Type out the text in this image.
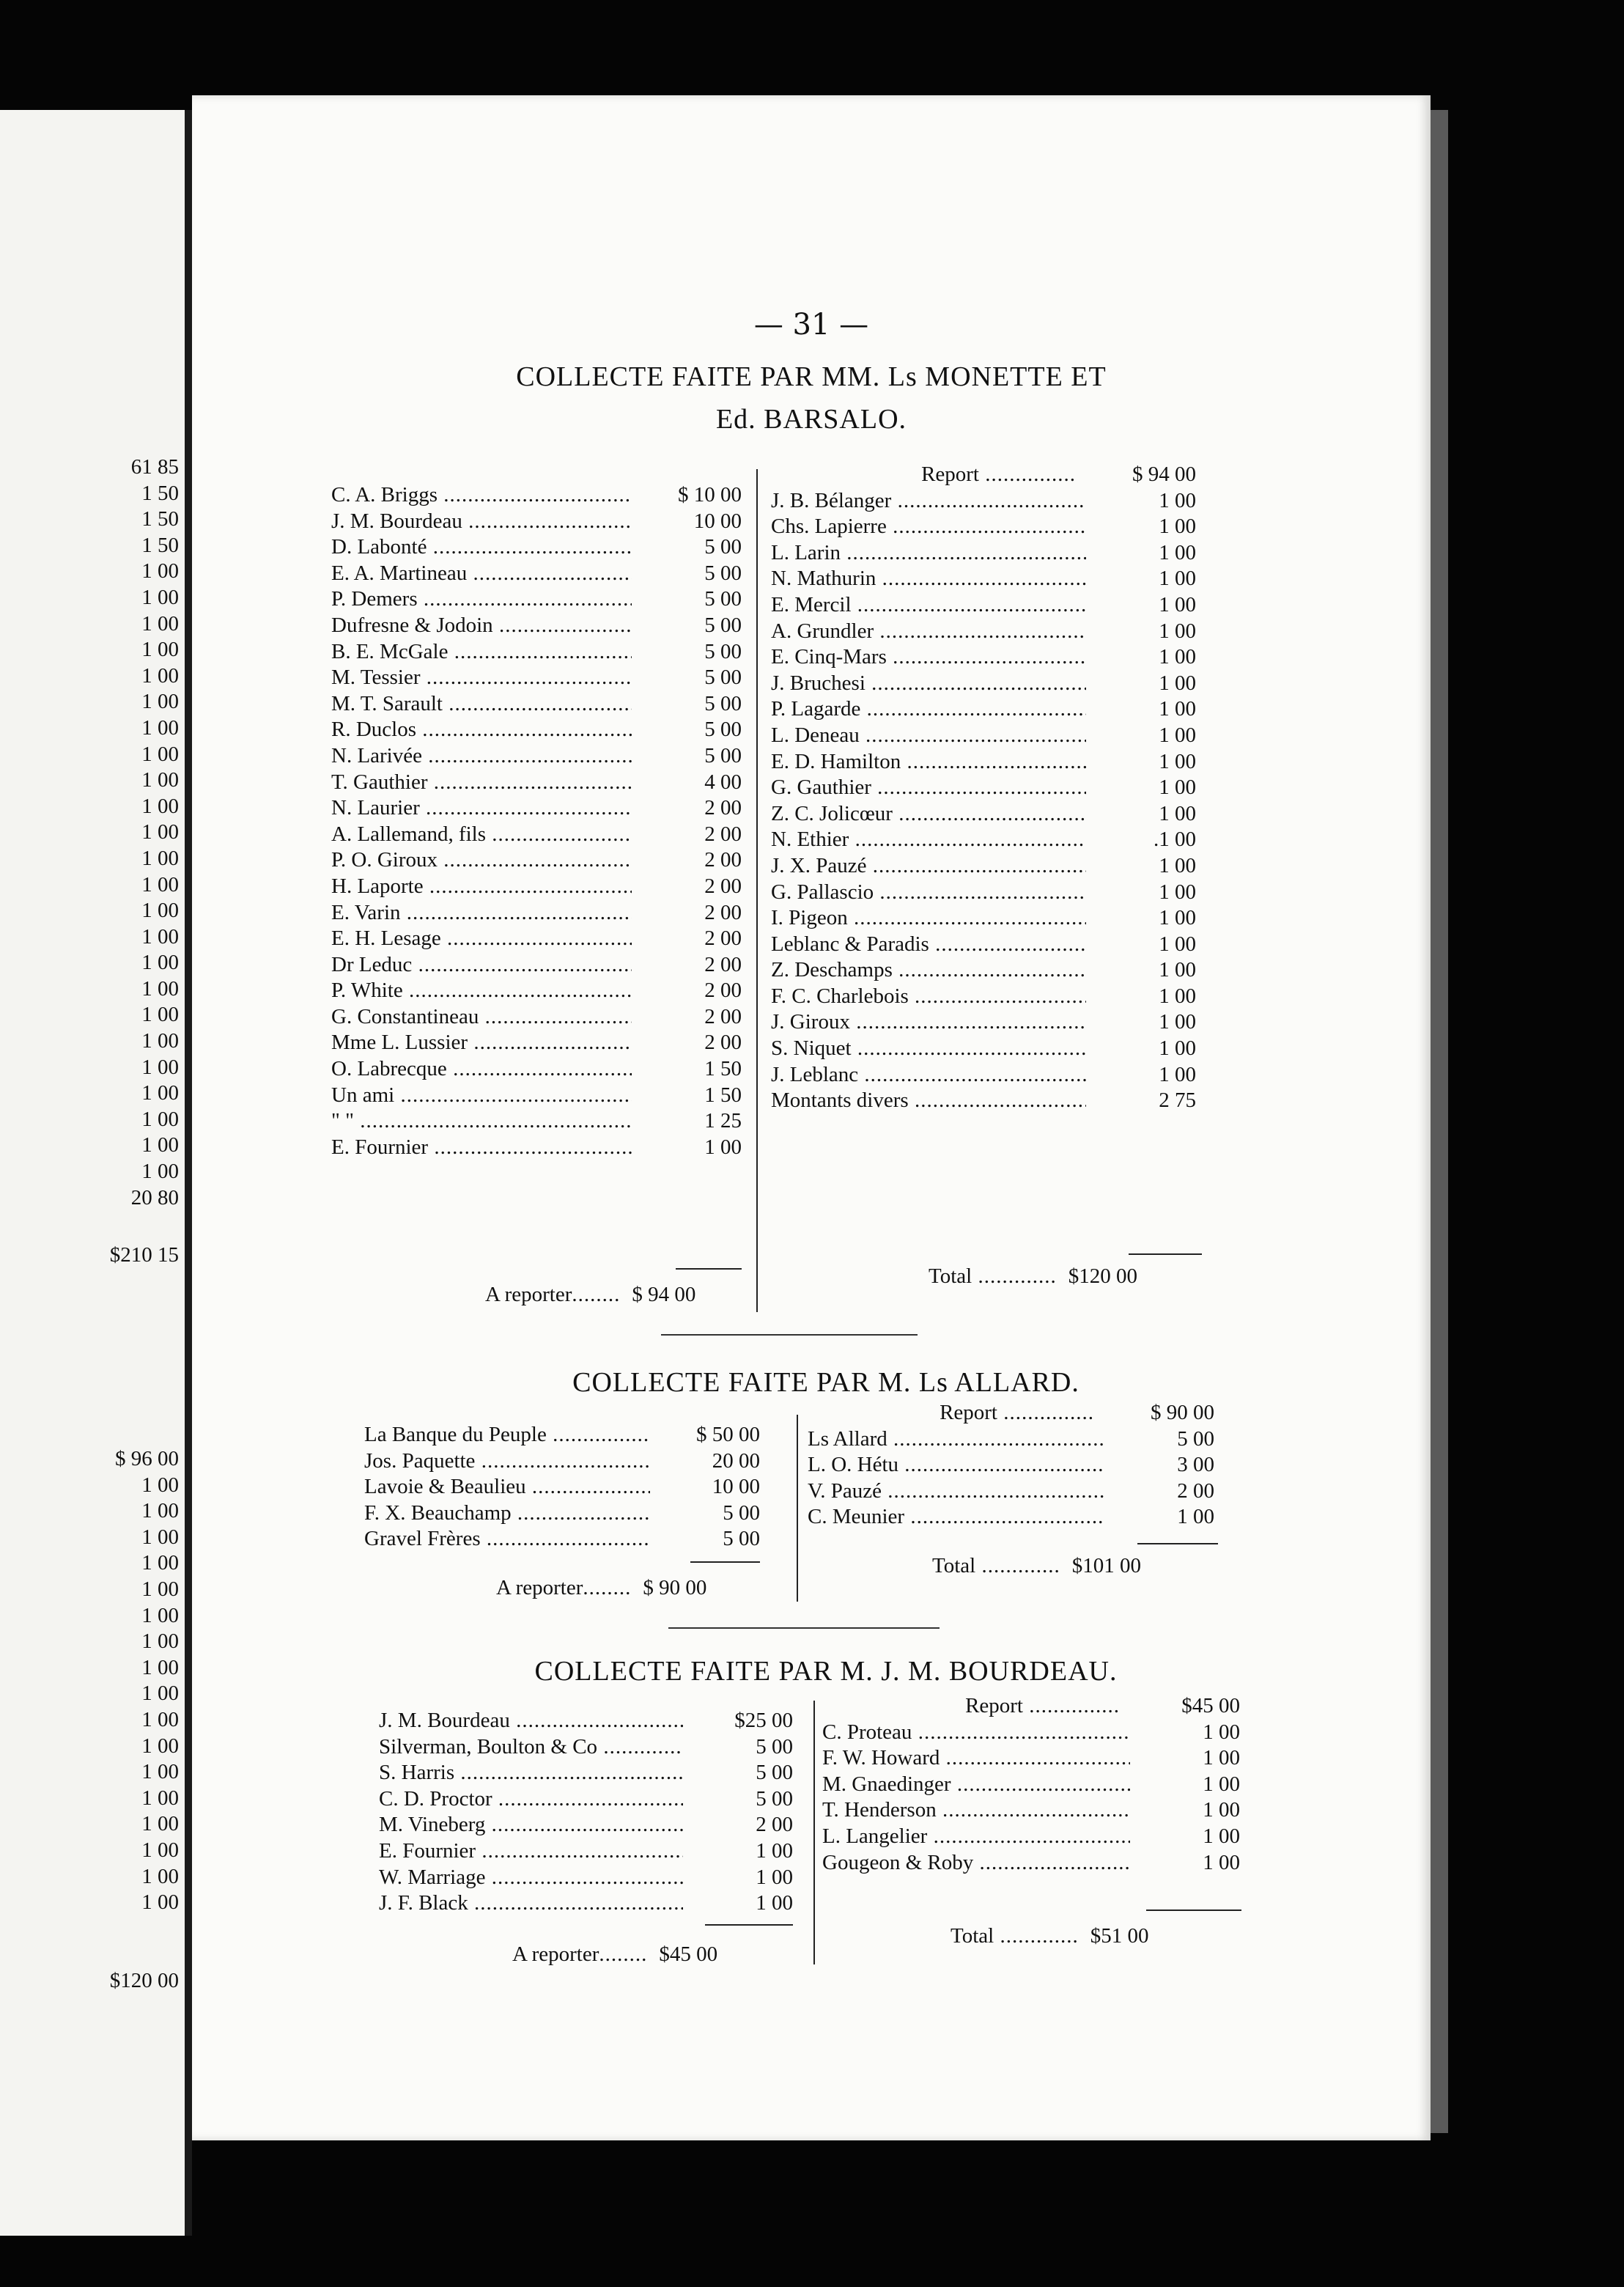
61 85
1 50
1 50
1 50
1 00
1 00
1 00
1 00
1 00
1 00
1 00
1 00
1 00
1 00
1 00
1 00
1 00
1 00
1 00
1 00
1 00
1 00
1 00
1 00
1 00
1 00
1 00
1 00
20 80
$210 15
$ 96 00
1 00
1 00
1 00
1 00
1 00
1 00
1 00
1 00
1 00
1 00
1 00
1 00
1 00
1 00
1 00
1 00
1 00
$120 00
— 31 —
COLLECTE FAITE PAR MM. Ls MONETTE ET
Ed. BARSALO.
C. A. Briggs .....	$ 10 00
J. M. Bourdeau .....	10 00
D. Labonté .....	5 00
E. A. Martineau .....	5 00
P. Demers .....	5 00
Dufresne & Jodoin .....	5 00
B. E. McGale .....	5 00
M. Tessier .....	5 00
M. T. Sarault .....	5 00
R. Duclos .....	5 00
N. Larivée .....	5 00
T. Gauthier .....	4 00
N. Laurier .....	2 00
A. Lallemand, fils .....	2 00
P. O. Giroux .....	2 00
H. Laporte .....	2 00
E. Varin .....	2 00
E. H. Lesage .....	2 00
Dr Leduc .....	2 00
P. White .....	2 00
G. Constantineau .....	2 00
Mme L. Lussier .....	2 00
O. Labrecque .....	1 50
Un ami .....	1 50
" " .....	1 25
E. Fournier .....	1 00
Report .....	$ 94 00
J. B. Bélanger .....	1 00
Chs. Lapierre .....	1 00
L. Larin .....	1 00
N. Mathurin .....	1 00
E. Mercil .....	1 00
A. Grundler .....	1 00
E. Cinq-Mars .....	1 00
J. Bruchesi .....	1 00
P. Lagarde .....	1 00
L. Deneau .....	1 00
E. D. Hamilton .....	1 00
G. Gauthier .....	1 00
Z. C. Jolicœur .....	1 00
N. Ethier .....	.1 00
J. X. Pauzé .....	1 00
G. Pallascio .....	1 00
I. Pigeon .....	1 00
Leblanc & Paradis .....	1 00
Z. Deschamps .....	1 00
F. C. Charlebois .....	1 00
J. Giroux .....	1 00
S. Niquet .....	1 00
J. Leblanc .....	1 00
Montants divers .....	2 75
A reporter ........	$ 94 00
Total .....	$120 00
COLLECTE FAITE PAR M. Ls ALLARD.
La Banque du Peuple .....	$ 50 00
Jos. Paquette .....	20 00
Lavoie & Beaulieu .....	10 00
F. X. Beauchamp .....	5 00
Gravel Frères .....	5 00
Report .....	$ 90 00
Ls Allard .....	5 00
L. O. Hétu .....	3 00
V. Pauzé .....	2 00
C. Meunier .....	1 00
A reporter ........	$ 90 00
Total .....	$101 00
COLLECTE FAITE PAR M. J. M. BOURDEAU.
J. M. Bourdeau .....	$25 00
Silverman, Boulton & Co .....	5 00
S. Harris .....	5 00
C. D. Proctor .....	5 00
M. Vineberg .....	2 00
E. Fournier .....	1 00
W. Marriage .....	1 00
J. F. Black .....	1 00
Report .....	$45 00
C. Proteau .....	1 00
F. W. Howard .....	1 00
M. Gnaedinger .....	1 00
T. Henderson .....	1 00
L. Langelier .....	1 00
Gougeon & Roby .....	1 00
A reporter ........	$45 00
Total .....	$51 00
